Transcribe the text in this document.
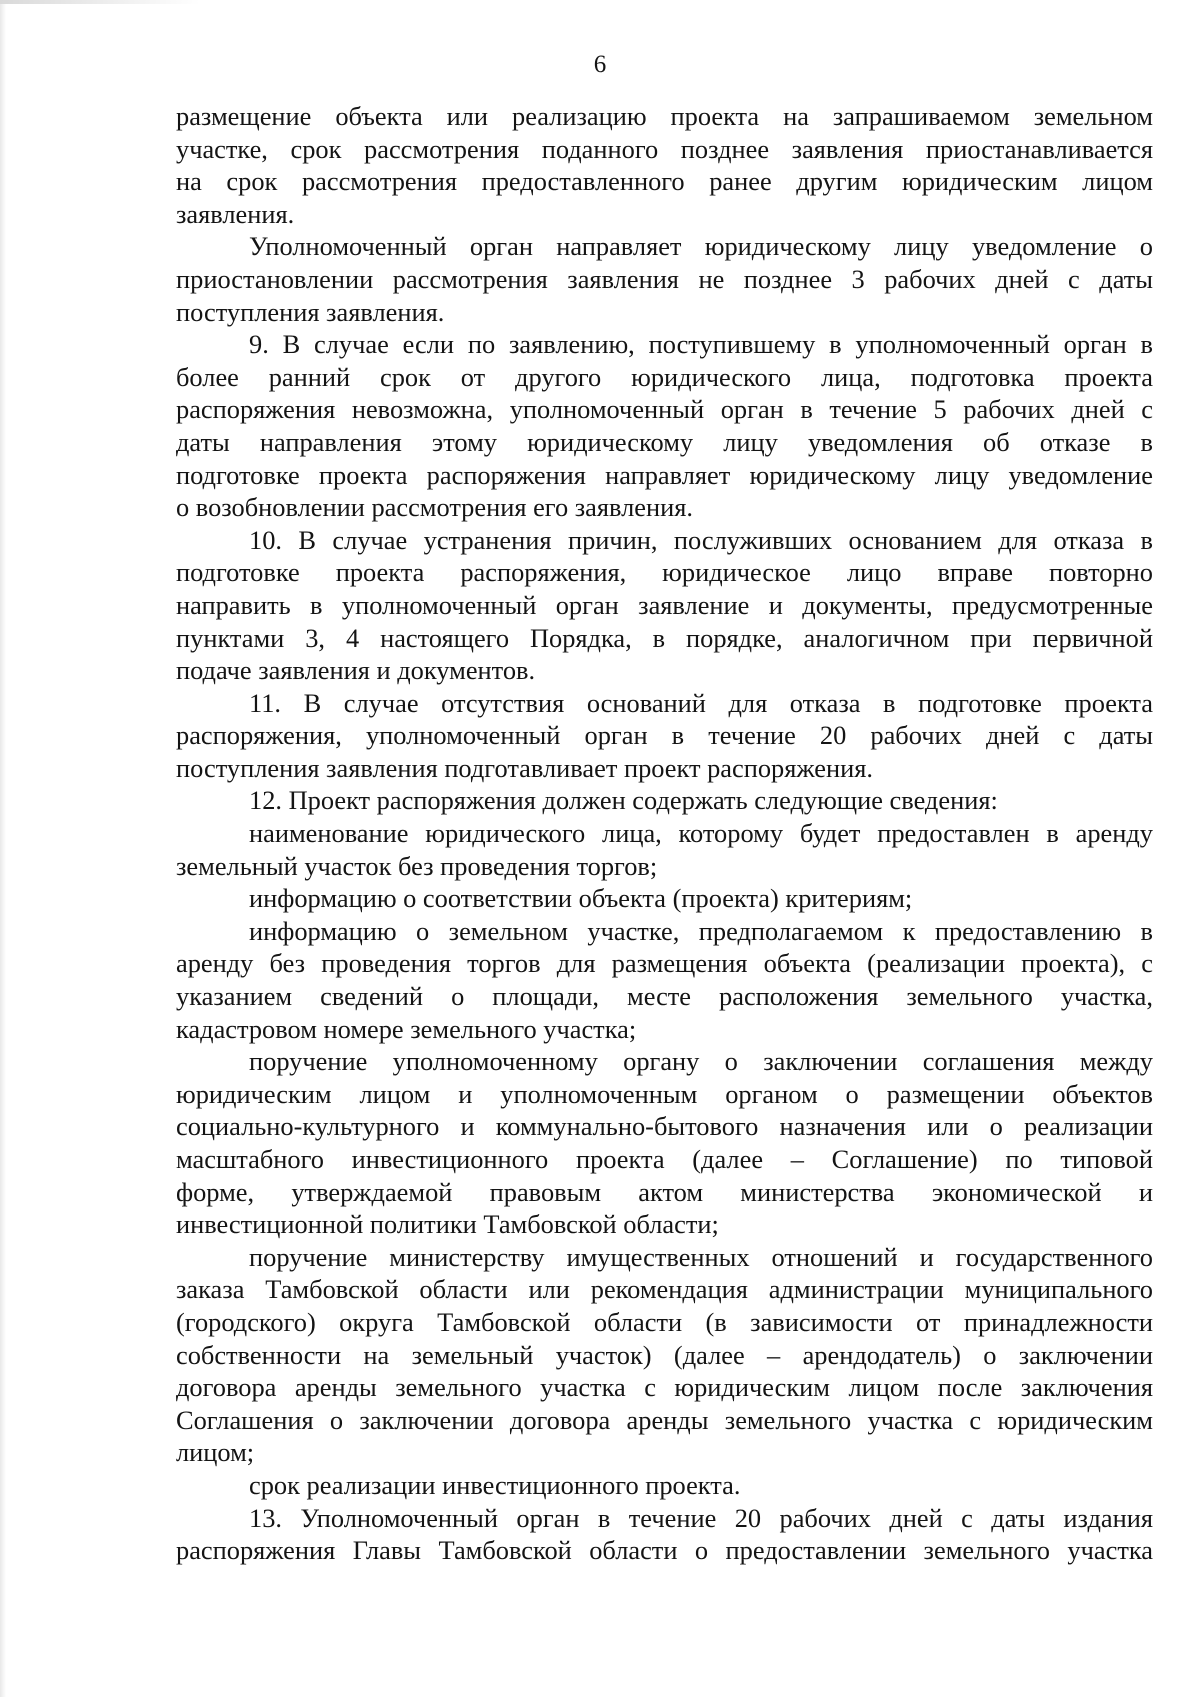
6
размещение объекта или реализацию проекта на запрашиваемом земельном
участке, срок рассмотрения поданного позднее заявления приостанавливается
на срок рассмотрения предоставленного ранее другим юридическим лицом
заявления.
Уполномоченный орган направляет юридическому лицу уведомление о
приостановлении рассмотрения заявления не позднее 3 рабочих дней с даты
поступления заявления.
9. В случае если по заявлению, поступившему в уполномоченный орган в
более ранний срок от другого юридического лица, подготовка проекта
распоряжения невозможна, уполномоченный орган в течение 5 рабочих дней с
даты направления этому юридическому лицу уведомления об отказе в
подготовке проекта распоряжения направляет юридическому лицу уведомление
о возобновлении рассмотрения его заявления.
10. В случае устранения причин, послуживших основанием для отказа в
подготовке проекта распоряжения, юридическое лицо вправе повторно
направить в уполномоченный орган заявление и документы, предусмотренные
пунктами 3, 4 настоящего Порядка, в порядке, аналогичном при первичной
подаче заявления и документов.
11. В случае отсутствия оснований для отказа в подготовке проекта
распоряжения, уполномоченный орган в течение 20 рабочих дней с даты
поступления заявления подготавливает проект распоряжения.
12. Проект распоряжения должен содержать следующие сведения:
наименование юридического лица, которому будет предоставлен в аренду
земельный участок без проведения торгов;
информацию о соответствии объекта (проекта) критериям;
информацию о земельном участке, предполагаемом к предоставлению в
аренду без проведения торгов для размещения объекта (реализации проекта), с
указанием сведений о площади, месте расположения земельного участка,
кадастровом номере земельного участка;
поручение уполномоченному органу о заключении соглашения между
юридическим лицом и уполномоченным органом о размещении объектов
социально-культурного и коммунально-бытового назначения или о реализации
масштабного инвестиционного проекта (далее – Соглашение) по типовой
форме, утверждаемой правовым актом министерства экономической и
инвестиционной политики Тамбовской области;
поручение министерству имущественных отношений и государственного
заказа Тамбовской области или рекомендация администрации муниципального
(городского) округа Тамбовской области (в зависимости от принадлежности
собственности на земельный участок) (далее – арендодатель) о заключении
договора аренды земельного участка с юридическим лицом после заключения
Соглашения о заключении договора аренды земельного участка с юридическим
лицом;
срок реализации инвестиционного проекта.
13. Уполномоченный орган в течение 20 рабочих дней с даты издания
распоряжения Главы Тамбовской области о предоставлении земельного участка
